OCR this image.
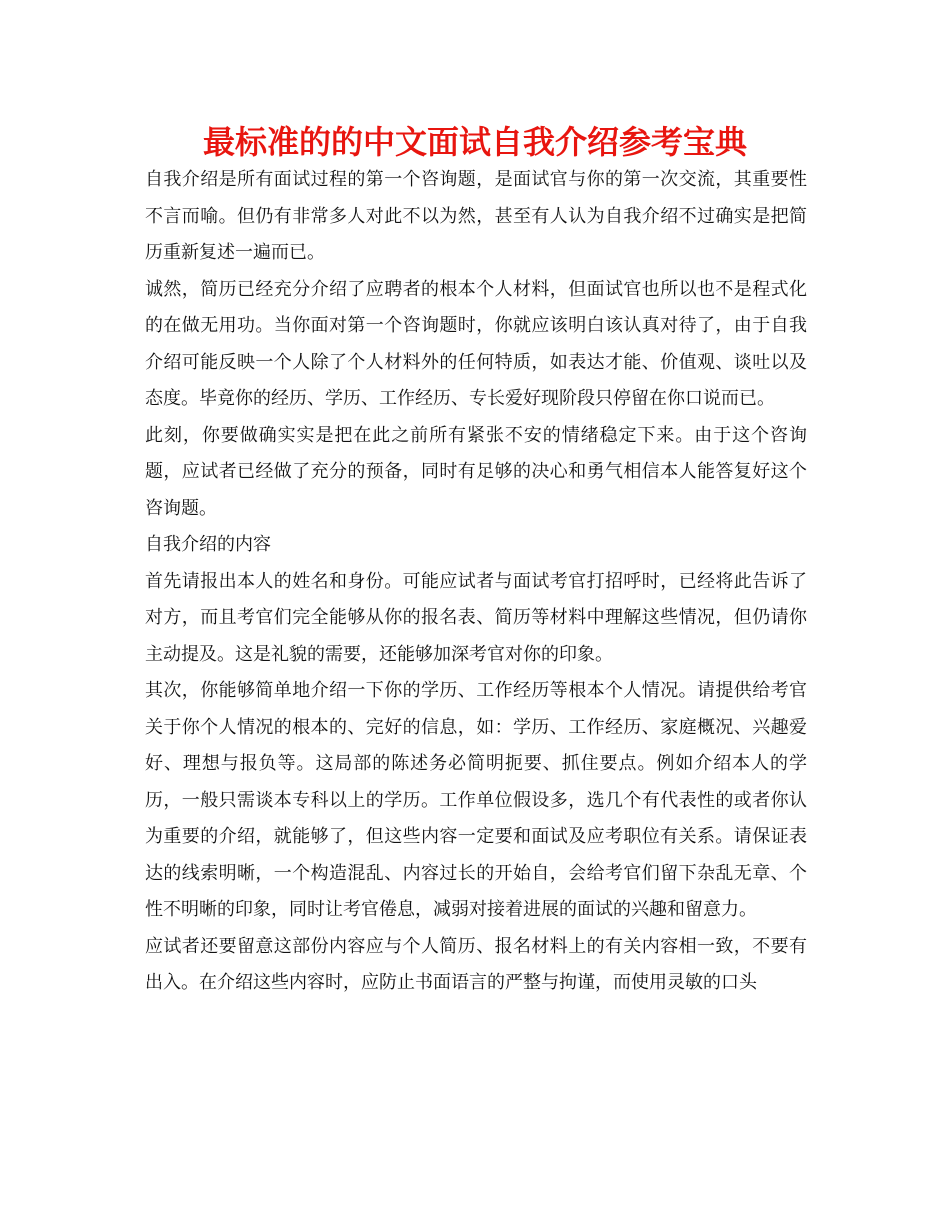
最标准的的中文面试自我介绍参考宝典

自我介绍是所有面试过程的第一个咨询题，是面试官与你的第一次交流，其重要性不言而喻。但仍有非常多人对此不以为然，甚至有人认为自我介绍不过确实是把简历重新复述一遍而已。

诚然，简历已经充分介绍了应聘者的根本个人材料，但面试官也所以也不是程式化的在做无用功。当你面对第一个咨询题时，你就应该明白该认真对待了，由于自我介绍可能反映一个人除了个人材料外的任何特质，如表达才能、价值观、谈吐以及态度。毕竟你的经历、学历、工作经历、专长爱好现阶段只停留在你口说而已。

此刻，你要做确实实是把在此之前所有紧张不安的情绪稳定下来。由于这个咨询题，应试者已经做了充分的预备，同时有足够的决心和勇气相信本人能答复好这个咨询题。

自我介绍的内容

首先请报出本人的姓名和身份。可能应试者与面试考官打招呼时，已经将此告诉了对方，而且考官们完全能够从你的报名表、简历等材料中理解这些情况，但仍请你主动提及。这是礼貌的需要，还能够加深考官对你的印象。

其次，你能够简单地介绍一下你的学历、工作经历等根本个人情况。请提供给考官关于你个人情况的根本的、完好的信息，如：学历、工作经历、家庭概况、兴趣爱好、理想与报负等。这局部的陈述务必简明扼要、抓住要点。例如介绍本人的学历，一般只需谈本专科以上的学历。工作单位假设多，选几个有代表性的或者你认为重要的介绍，就能够了，但这些内容一定要和面试及应考职位有关系。请保证表达的线索明晰，一个构造混乱、内容过长的开始自，会给考官们留下杂乱无章、个性不明晰的印象，同时让考官倦息，减弱对接着进展的面试的兴趣和留意力。

应试者还要留意这部份内容应与个人简历、报名材料上的有关内容相一致，不要有出入。在介绍这些内容时，应防止书面语言的严整与拘谨，而使用灵敏的口头
